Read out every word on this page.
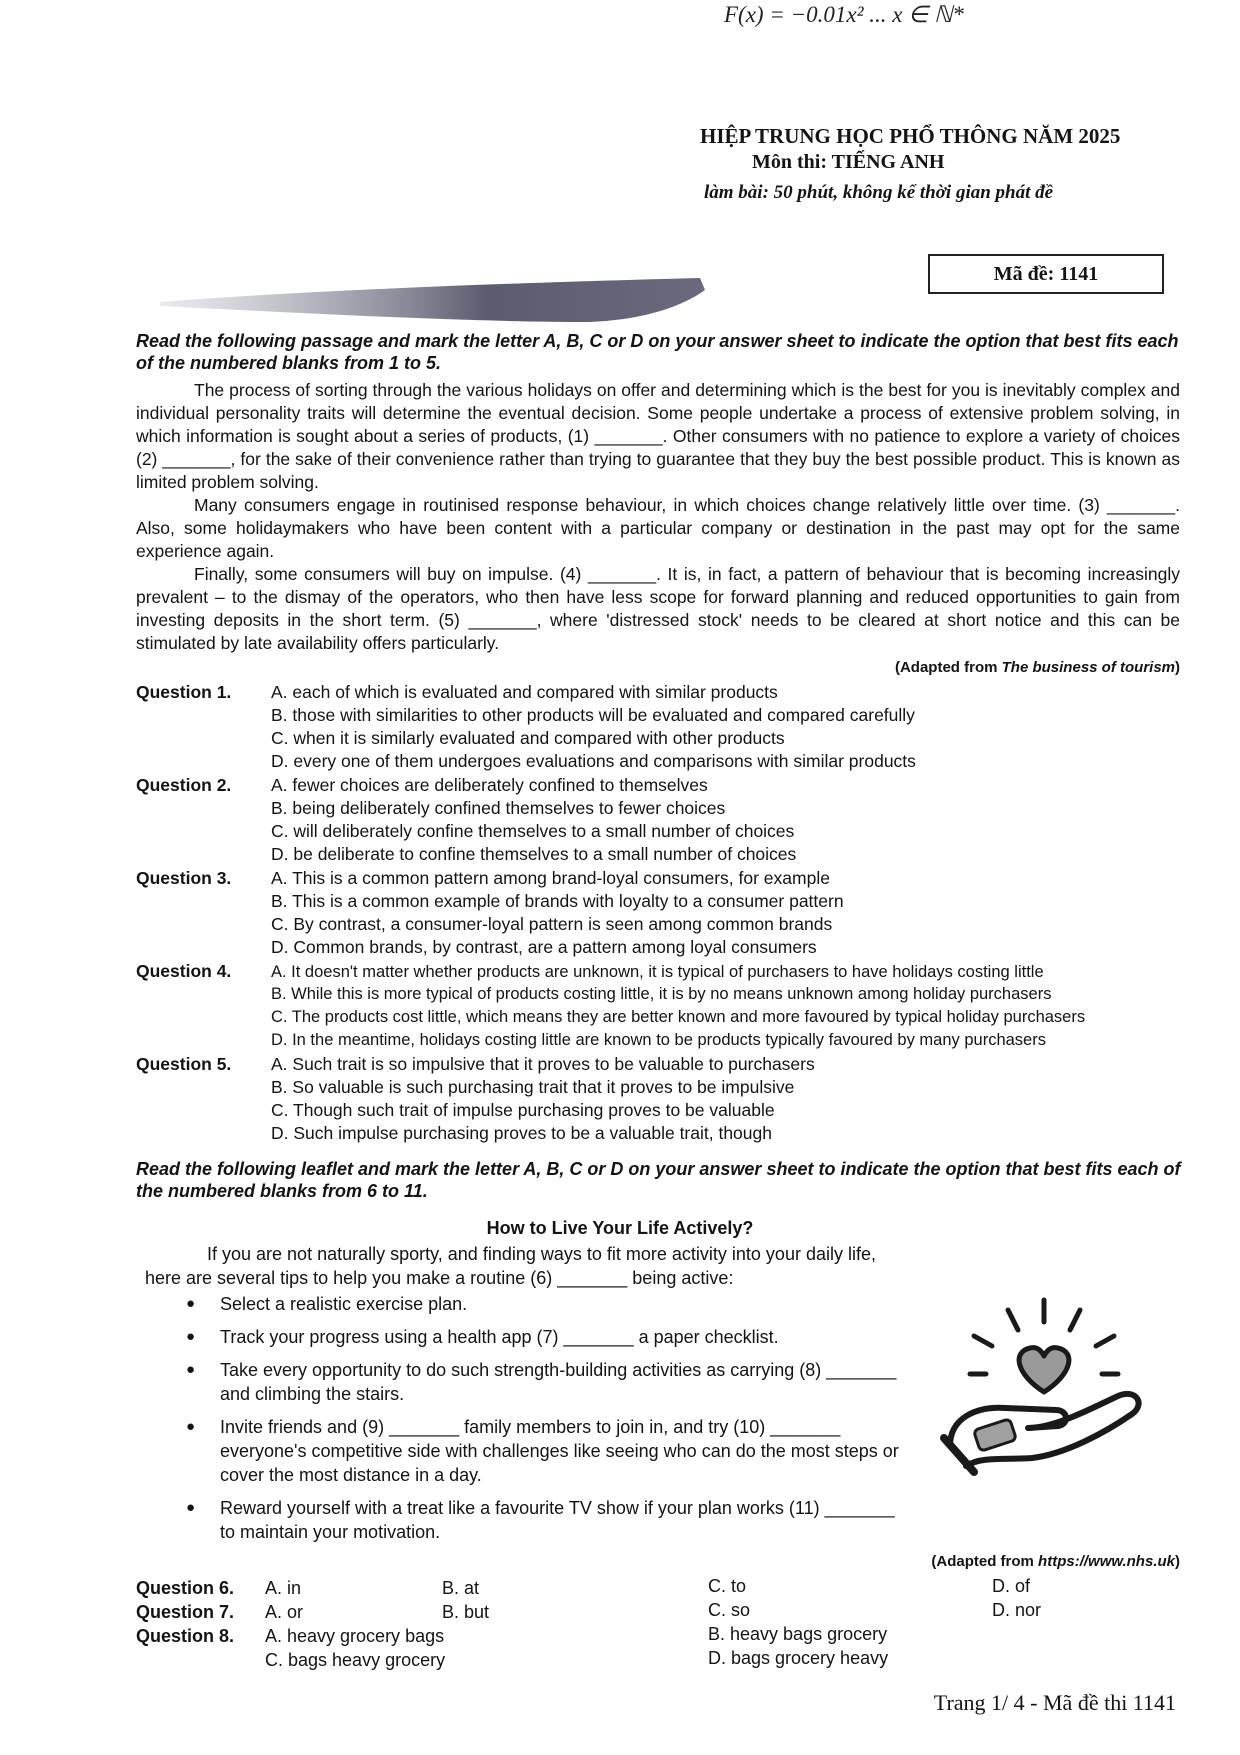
F(x) = −0.01x² ... x ∈ ℕ*
HIỆP TRUNG HỌC PHỔ THÔNG NĂM 2025
Môn thi: TIẾNG ANH
làm bài: 50 phút, không kể thời gian phát đề
Mã đề: 1141
Read the following passage and mark the letter A, B, C or D on your answer sheet to indicate the option that best fits each of the numbered blanks from 1 to 5.

The process of sorting through the various holidays on offer and determining which is the best for you is inevitably complex and individual personality traits will determine the eventual decision. Some people undertake a process of extensive problem solving, in which information is sought about a series of products, (1) _______. Other consumers with no patience to explore a variety of choices (2) _______, for the sake of their convenience rather than trying to guarantee that they buy the best possible product. This is known as limited problem solving.

Many consumers engage in routinised response behaviour, in which choices change relatively little over time. (3) _______. Also, some holidaymakers who have been content with a particular company or destination in the past may opt for the same experience again.

Finally, some consumers will buy on impulse. (4) _______. It is, in fact, a pattern of behaviour that is becoming increasingly prevalent – to the dismay of the operators, who then have less scope for forward planning and reduced opportunities to gain from investing deposits in the short term. (5) _______, where 'distressed stock' needs to be cleared at short notice and this can be stimulated by late availability offers particularly.

(Adapted from The business of tourism)
Question 1. A. each of which is evaluated and compared with similar products
B. those with similarities to other products will be evaluated and compared carefully
C. when it is similarly evaluated and compared with other products
D. every one of them undergoes evaluations and comparisons with similar products
Question 2. A. fewer choices are deliberately confined to themselves
B. being deliberately confined themselves to fewer choices
C. will deliberately confine themselves to a small number of choices
D. be deliberate to confine themselves to a small number of choices
Question 3. A. This is a common pattern among brand-loyal consumers, for example
B. This is a common example of brands with loyalty to a consumer pattern
C. By contrast, a consumer-loyal pattern is seen among common brands
D. Common brands, by contrast, are a pattern among loyal consumers
Question 4. A. It doesn't matter whether products are unknown, it is typical of purchasers to have holidays costing little
B. While this is more typical of products costing little, it is by no means unknown among holiday purchasers
C. The products cost little, which means they are better known and more favoured by typical holiday purchasers
D. In the meantime, holidays costing little are known to be products typically favoured by many purchasers
Question 5. A. Such trait is so impulsive that it proves to be valuable to purchasers
B. So valuable is such purchasing trait that it proves to be impulsive
C. Though such trait of impulse purchasing proves to be valuable
D. Such impulse purchasing proves to be a valuable trait, though
Read the following leaflet and mark the letter A, B, C or D on your answer sheet to indicate the option that best fits each of the numbered blanks from 6 to 11.
How to Live Your Life Actively?

If you are not naturally sporty, and finding ways to fit more activity into your daily life, here are several tips to help you make a routine (6) _______ being active:

● Select a realistic exercise plan.
● Track your progress using a health app (7) _______ a paper checklist.
● Take every opportunity to do such strength-building activities as carrying (8) _______ and climbing the stairs.
● Invite friends and (9) _______ family members to join in, and try (10) _______ everyone's competitive side with challenges like seeing who can do the most steps or cover the most distance in a day.
● Reward yourself with a treat like a favourite TV show if your plan works (11) _______ to maintain your motivation.
(Adapted from https://www.nhs.uk)
Question 6. A. in	B. at	C. to	D. of
Question 7. A. or	B. but	C. so	D. nor
Question 8. A. heavy grocery bags	B. heavy bags grocery
C. bags heavy grocery	D. bags grocery heavy
Trang 1/ 4 - Mã đề thi 1141
